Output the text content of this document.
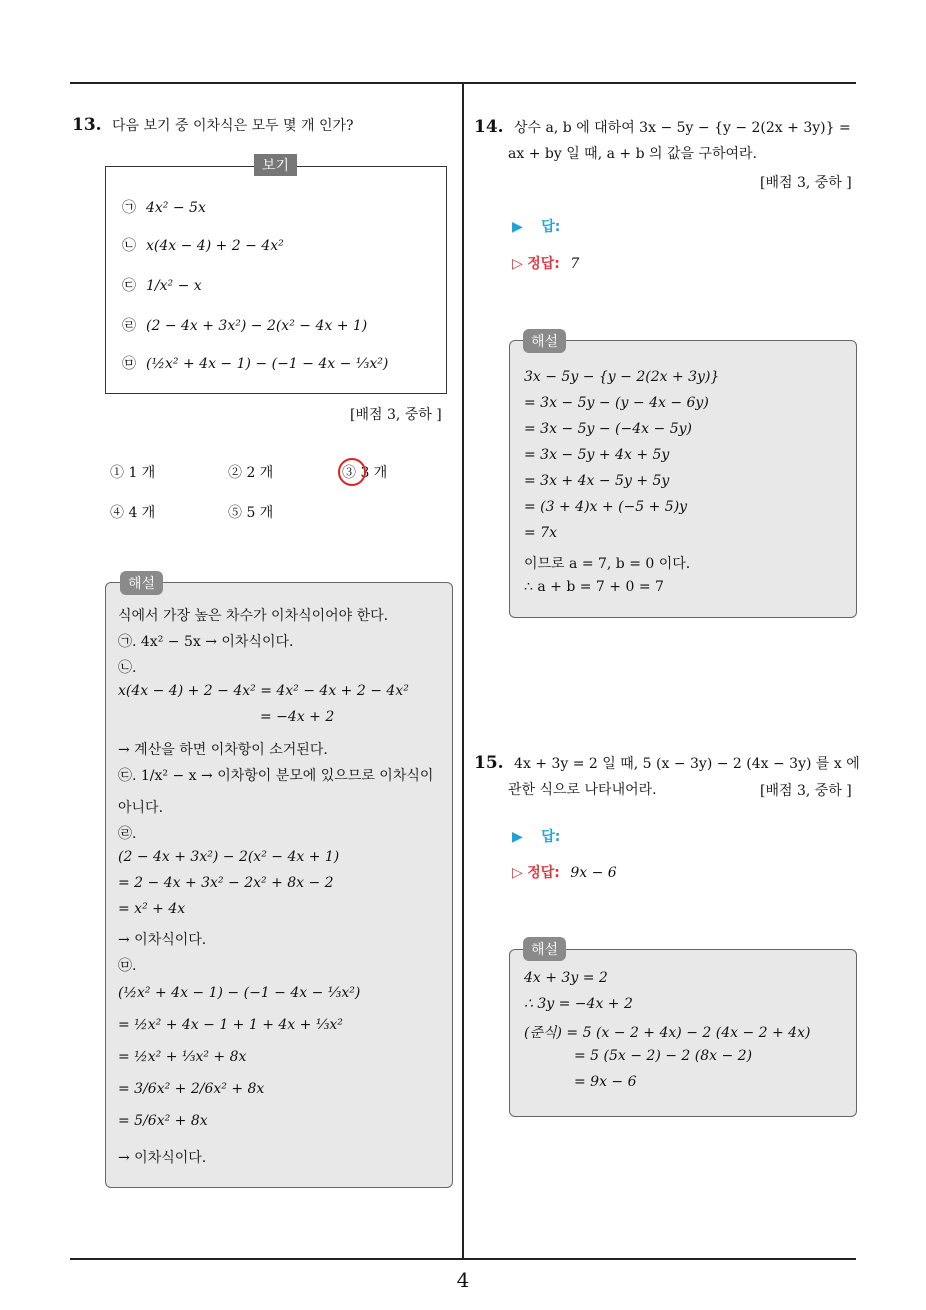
4
13. 다음 보기 중 이차식은 모두 몇 개 인가?
㉠ 4x² − 5x
㉡ x(4x − 4) + 2 − 4x²
㉢ 1/x² − x
㉣ (2 − 4x + 3x²) − 2(x² − 4x + 1)
㉤ (½x² + 4x − 1) − (−1 − 4x − ⅓x²)
보기
[배점 3, 중하 ]
① 1 개	② 2 개	③ 3 개
④ 4 개	⑤ 5 개
식에서 가장 높은 차수가 이차식이어야 한다.
㉠. 4x² − 5x → 이차식이다.
㉡.
x(4x − 4) + 2 − 4x² = 4x² − 4x + 2 − 4x²
= −4x + 2
→ 계산을 하면 이차항이 소거된다.
㉢. 1/x² − x → 이차항이 분모에 있으므로 이차식이
아니다.
㉣.
(2 − 4x + 3x²) − 2(x² − 4x + 1)
= 2 − 4x + 3x² − 2x² + 8x − 2
= x² + 4x
→ 이차식이다.
㉤.
(½x² + 4x − 1) − (−1 − 4x − ⅓x²)
= ½x² + 4x − 1 + 1 + 4x + ⅓x²
= ½x² + ⅓x² + 8x
= 3/6x² + 2/6x² + 8x
= 5/6x² + 8x
→ 이차식이다.
해설
14. 상수 a, b 에 대하여 3x − 5y − {y − 2(2x + 3y)} =
ax + by 일 때, a + b 의 값을 구하여라.
[배점 3, 중하 ]
▶ 답:
▷ 정답: 7
3x − 5y − {y − 2(2x + 3y)}
= 3x − 5y − (y − 4x − 6y)
= 3x − 5y − (−4x − 5y)
= 3x − 5y + 4x + 5y
= 3x + 4x − 5y + 5y
= (3 + 4)x + (−5 + 5)y
= 7x
이므로 a = 7, b = 0 이다.
∴ a + b = 7 + 0 = 7
해설
15. 4x + 3y = 2 일 때, 5 (x − 3y) − 2 (4x − 3y) 를 x 에
관한 식으로 나타내어라.	[배점 3, 중하 ]
▶ 답:
▷ 정답: 9x − 6
4x + 3y = 2
∴ 3y = −4x + 2
(준식) = 5 (x − 2 + 4x) − 2 (4x − 2 + 4x)
= 5 (5x − 2) − 2 (8x − 2)
= 9x − 6
해설
